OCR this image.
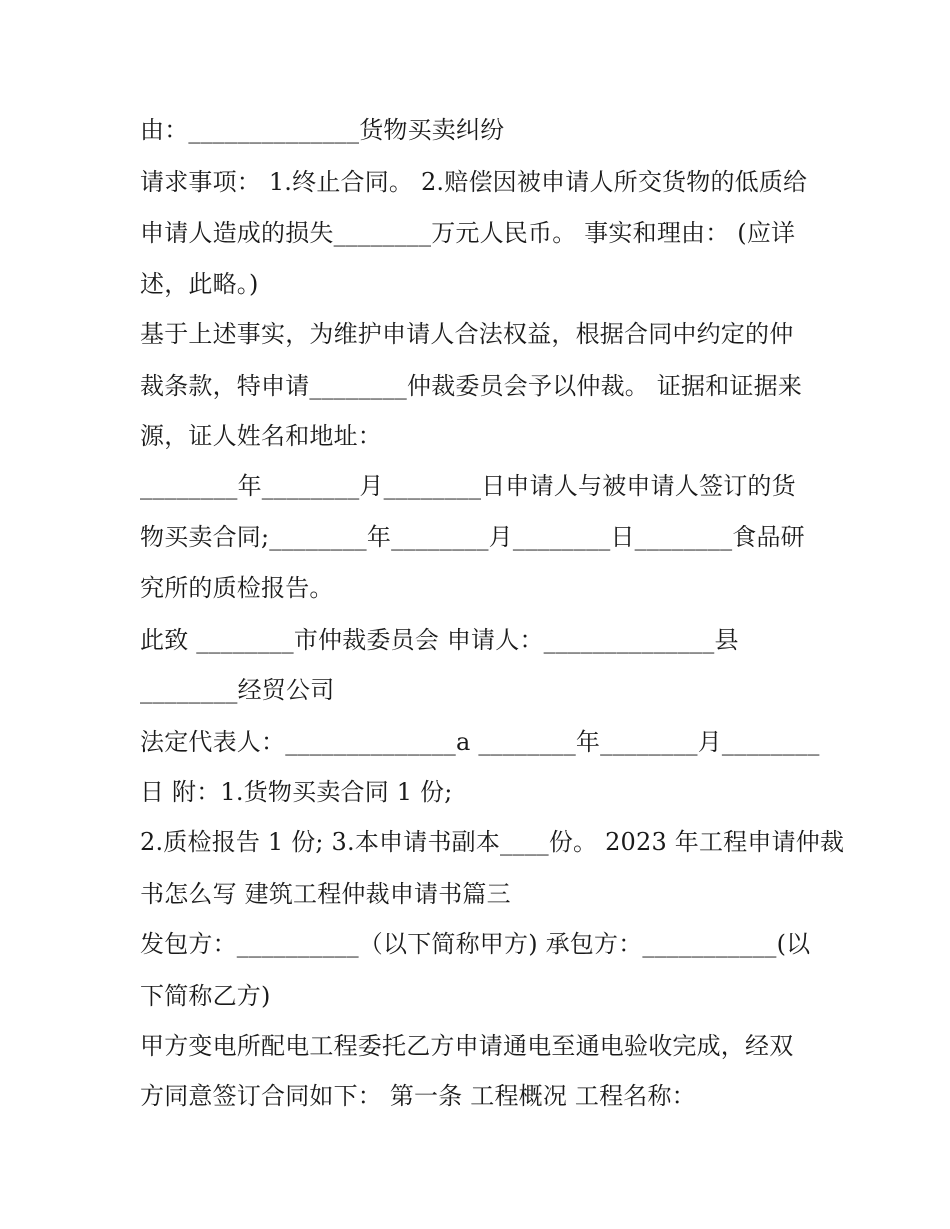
由：______________货物买卖纠纷
请求事项： 1.终止合同。 2.赔偿因被申请人所交货物的低质给
申请人造成的损失________万元人民币。 事实和理由： (应详
述，此略。)
基于上述事实，为维护申请人合法权益，根据合同中约定的仲
裁条款，特申请________仲裁委员会予以仲裁。 证据和证据来
源，证人姓名和地址：
________年________月________日申请人与被申请人签订的货
物买卖合同;________年________月________日________食品研
究所的质检报告。
此致 ________市仲裁委员会 申请人：______________县
________经贸公司
法定代表人：______________a ________年________月________
日 附：1.货物买卖合同 1 份;
2.质检报告 1 份; 3.本申请书副本____份。 2023 年工程申请仲裁
书怎么写 建筑工程仲裁申请书篇三
发包方：__________（以下简称甲方) 承包方：___________(以
下简称乙方)
甲方变电所配电工程委托乙方申请通电至通电验收完成，经双
方同意签订合同如下： 第一条 工程概况 工程名称：
